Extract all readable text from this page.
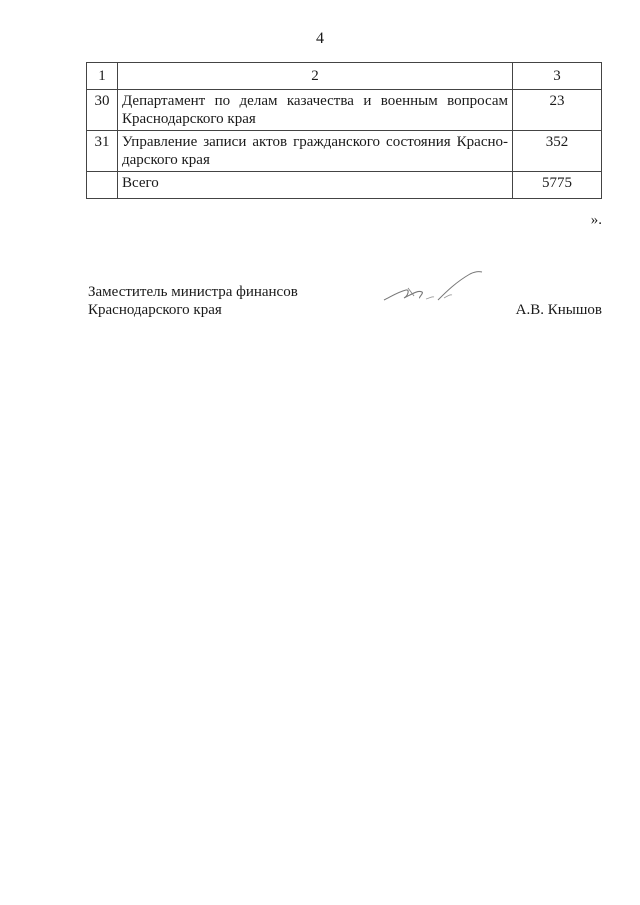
4
1	2	3
30	Департамент по делам казачества и военным вопросам Краснодарского края	23
31	Управление записи актов гражданского состояния Красно-дарского края	352
	Всего	5775
».
Заместитель министра финансов
Краснодарского края	А.В. Кнышов
